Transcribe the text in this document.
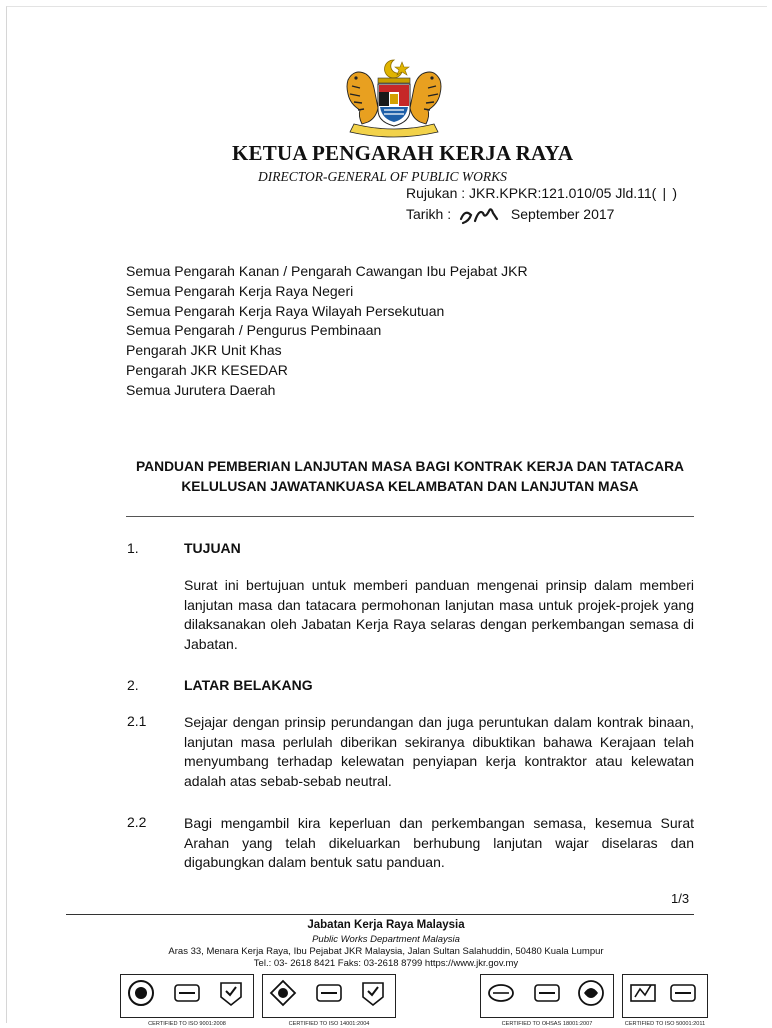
KETUA PENGARAH KERJA RAYA
DIRECTOR-GENERAL OF PUBLIC WORKS
Rujukan : JKR.KPKR:121.010/05 Jld.11( | )
Tarikh :	September 2017
Semua Pengarah Kanan / Pengarah Cawangan Ibu Pejabat JKR
Semua Pengarah Kerja Raya Negeri
Semua Pengarah Kerja Raya Wilayah Persekutuan
Semua Pengarah / Pengurus Pembinaan
Pengarah JKR Unit Khas
Pengarah JKR KESEDAR
Semua Jurutera Daerah
PANDUAN PEMBERIAN LANJUTAN MASA BAGI KONTRAK KERJA DAN TATACARA KELULUSAN JAWATANKUASA KELAMBATAN DAN LANJUTAN MASA
1.	TUJUAN

Surat ini bertujuan untuk memberi panduan mengenai prinsip dalam memberi lanjutan masa dan tatacara permohonan lanjutan masa untuk projek-projek yang dilaksanakan oleh Jabatan Kerja Raya selaras dengan perkembangan semasa di Jabatan.

2.	LATAR BELAKANG
2.1	Sejajar dengan prinsip perundangan dan juga peruntukan dalam kontrak binaan, lanjutan masa perlulah diberikan sekiranya dibuktikan bahawa Kerajaan telah menyumbang terhadap kelewatan penyiapan kerja kontraktor atau kelewatan adalah atas sebab-sebab neutral.

2.2	Bagi mengambil kira keperluan dan perkembangan semasa, kesemua Surat Arahan yang telah dikeluarkan berhubung lanjutan wajar diselaras dan digabungkan dalam bentuk satu panduan.

1/3
Jabatan Kerja Raya Malaysia
Public Works Department Malaysia
Aras 33, Menara Kerja Raya, Ibu Pejabat JKR Malaysia, Jalan Sultan Salahuddin, 50480 Kuala Lumpur
Tel.: 03- 2618 8421 Faks: 03-2618 8799 https://www.jkr.gov.my
CERTIFIED TO ISO 9001:2008	CERTIFIED TO ISO 14001:2004	CERTIFIED TO OHSAS 18001:2007	CERTIFIED TO ISO 50001:2011
